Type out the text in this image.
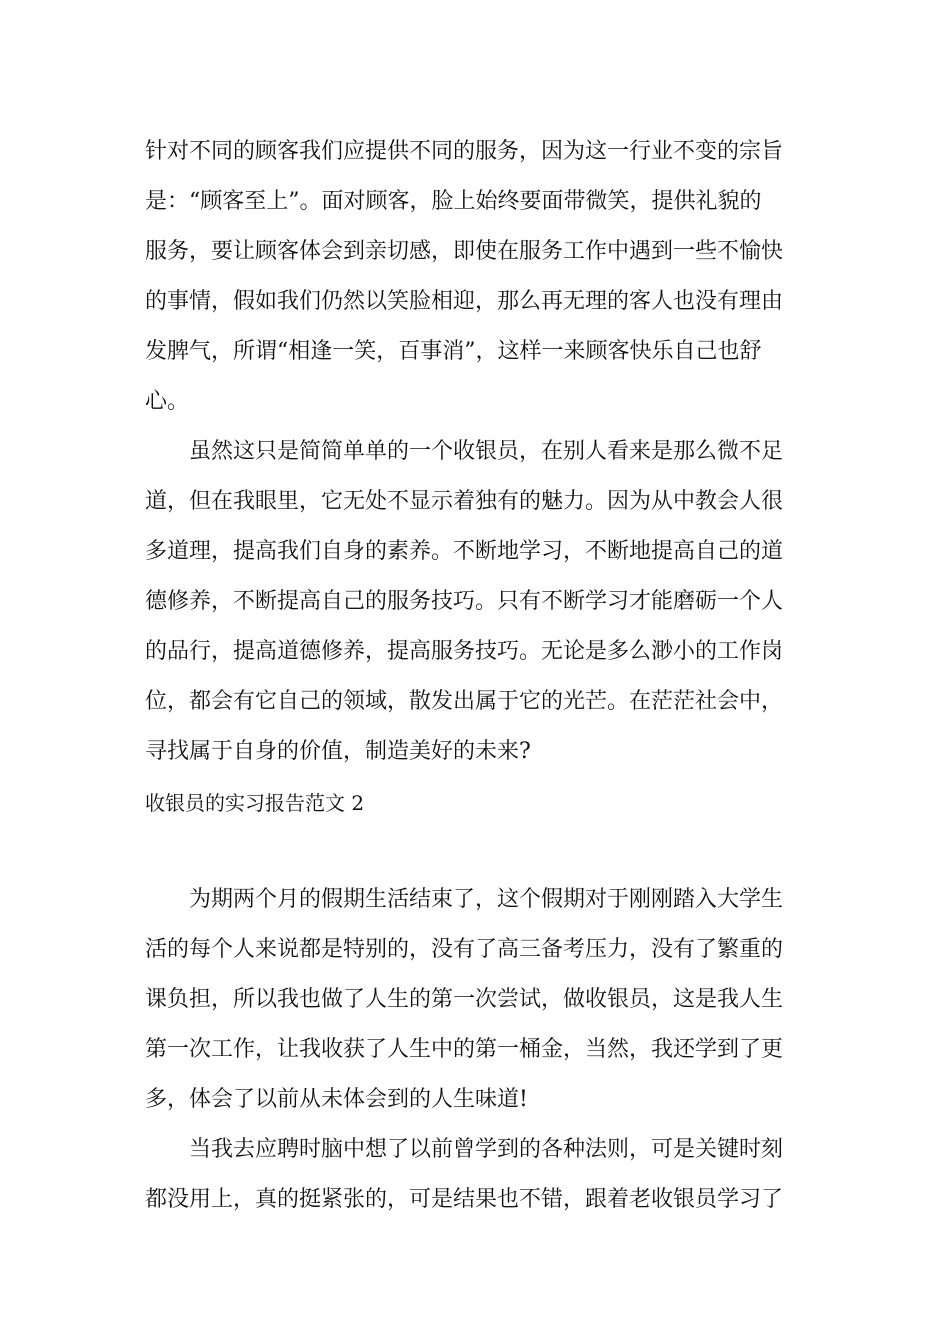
针对不同的顾客我们应提供不同的服务，因为这一行业不变的宗旨
是：“顾客至上”。面对顾客，脸上始终要面带微笑，提供礼貌的
服务，要让顾客体会到亲切感，即使在服务工作中遇到一些不愉快
的事情，假如我们仍然以笑脸相迎，那么再无理的客人也没有理由
发脾气，所谓“相逢一笑，百事消”，这样一来顾客快乐自己也舒
心。
　　虽然这只是简简单单的一个收银员，在别人看来是那么微不足
道，但在我眼里，它无处不显示着独有的魅力。因为从中教会人很
多道理，提高我们自身的素养。不断地学习，不断地提高自己的道
德修养，不断提高自己的服务技巧。只有不断学习才能磨砺一个人
的品行，提高道德修养，提高服务技巧。无论是多么渺小的工作岗
位，都会有它自己的领域，散发出属于它的光芒。在茫茫社会中，
寻找属于自身的价值，制造美好的未来?
收银员的实习报告范文 2
　　为期两个月的假期生活结束了，这个假期对于刚刚踏入大学生
活的每个人来说都是特别的，没有了高三备考压力，没有了繁重的
课负担，所以我也做了人生的第一次尝试，做收银员，这是我人生
第一次工作，让我收获了人生中的第一桶金，当然，我还学到了更
多，体会了以前从未体会到的人生味道!
　　当我去应聘时脑中想了以前曾学到的各种法则，可是关键时刻
都没用上，真的挺紧张的，可是结果也不错，跟着老收银员学习了
